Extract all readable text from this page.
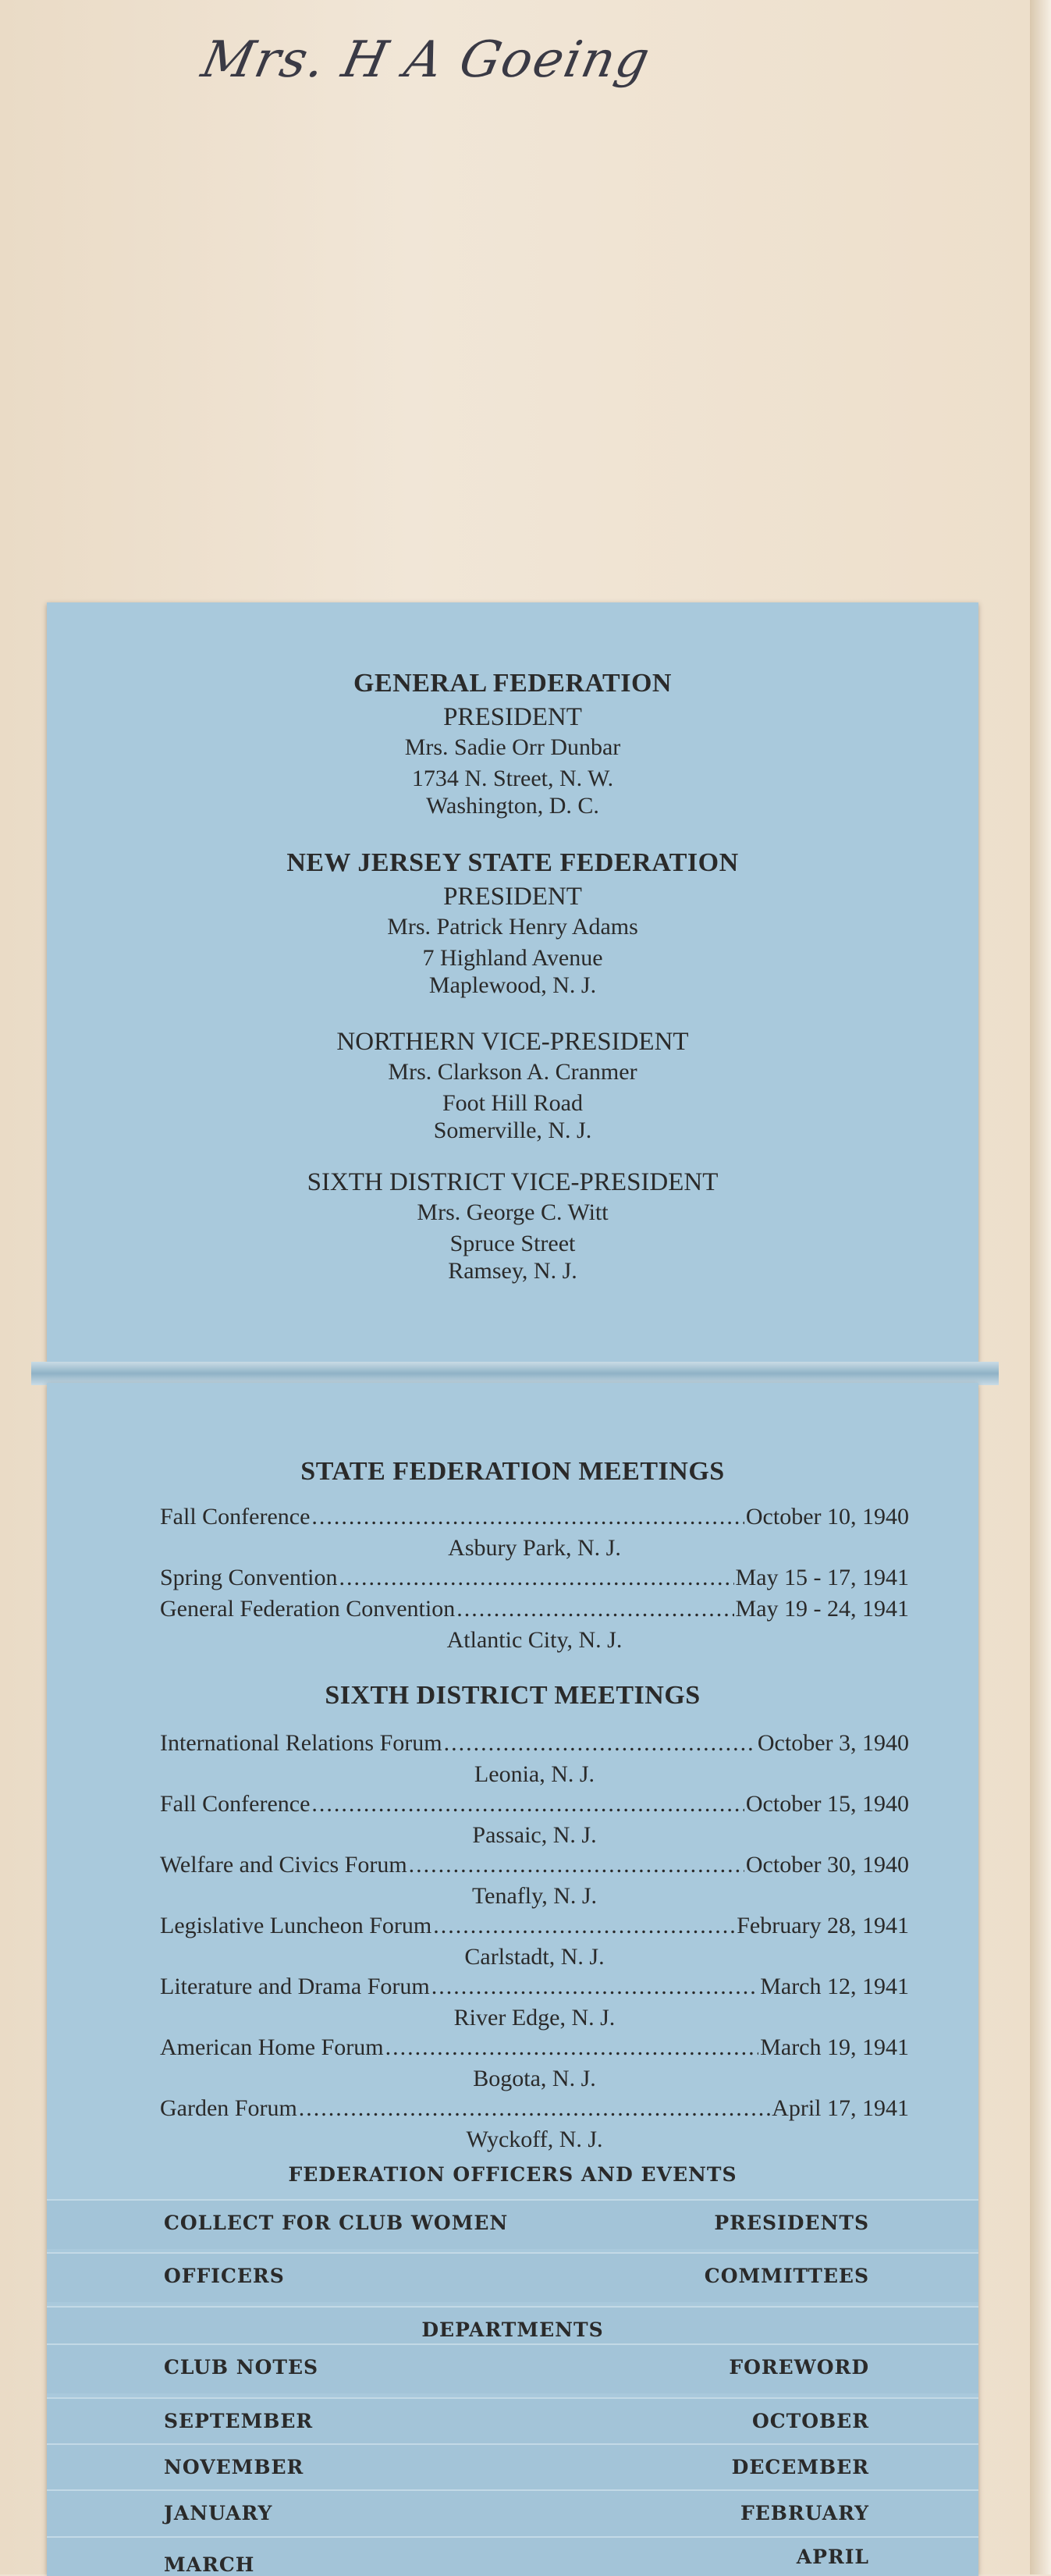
Mrs. H A Goeing
GENERAL FEDERATION
PRESIDENT
Mrs. Sadie Orr Dunbar
1734 N. Street, N. W.
Washington, D. C.
NEW JERSEY STATE FEDERATION
PRESIDENT
Mrs. Patrick Henry Adams
7 Highland Avenue
Maplewood, N. J.
NORTHERN VICE-PRESIDENT
Mrs. Clarkson A. Cranmer
Foot Hill Road
Somerville, N. J.
SIXTH DISTRICT VICE-PRESIDENT
Mrs. George C. Witt
Spruce Street
Ramsey, N. J.
STATE FEDERATION MEETINGS
Fall Conference .....	October 10, 1940
Asbury Park, N. J.
Spring Convention .....	May 15 - 17, 1941
General Federation Convention .....	May 19 - 24, 1941
Atlantic City, N. J.
SIXTH DISTRICT MEETINGS
International Relations Forum .....	October 3, 1940
Leonia, N. J.
Fall Conference .....	October 15, 1940
Passaic, N. J.
Welfare and Civics Forum .....	October 30, 1940
Tenafly, N. J.
Legislative Luncheon Forum .....	February 28, 1941
Carlstadt, N. J.
Literature and Drama Forum .....	March 12, 1941
River Edge, N. J.
American Home Forum .....	March 19, 1941
Bogota, N. J.
Garden Forum .....	April 17, 1941
Wyckoff, N. J.
FEDERATION OFFICERS AND EVENTS
COLLECT FOR CLUB WOMEN	PRESIDENTS
OFFICERS	COMMITTEES
DEPARTMENTS
CLUB NOTES	FOREWORD
SEPTEMBER	OCTOBER
NOVEMBER	DECEMBER
JANUARY	FEBRUARY
MARCH	APRIL
